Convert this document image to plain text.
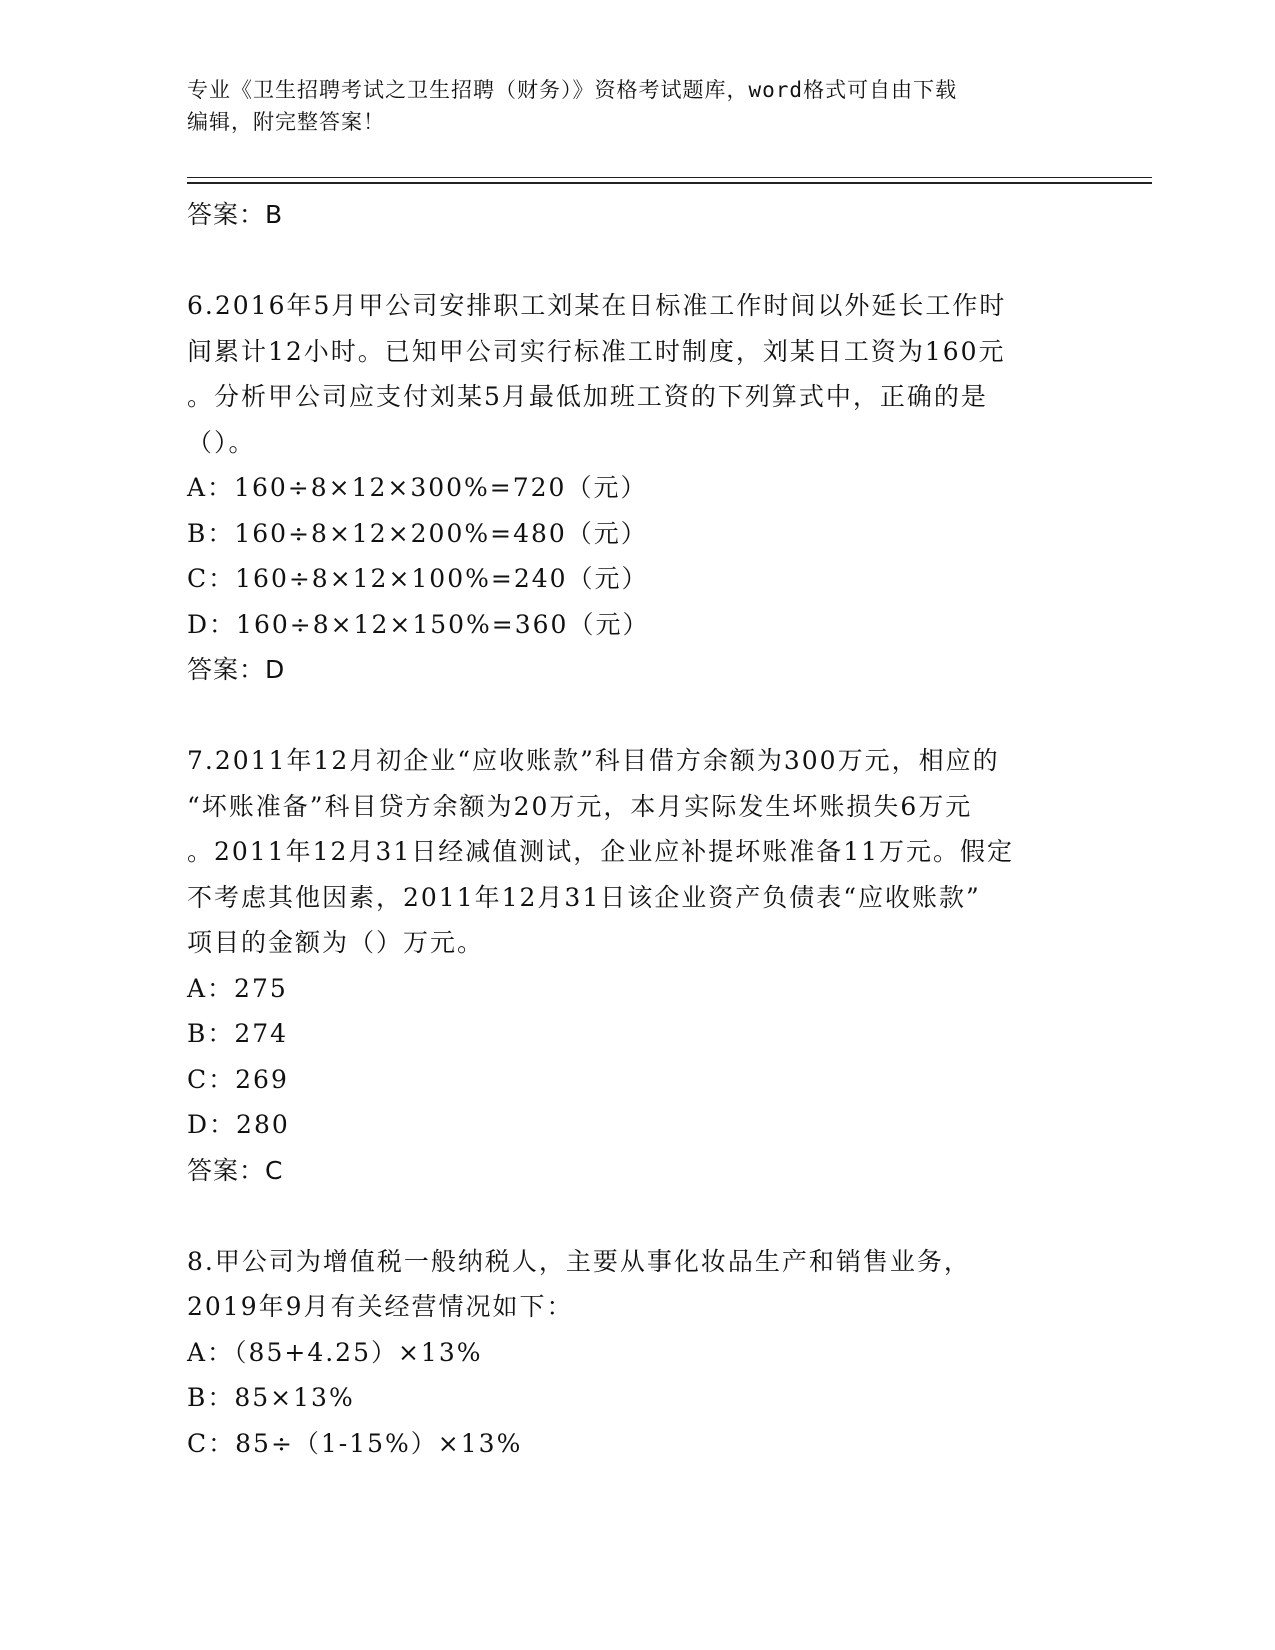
专业《卫生招聘考试之卫生招聘（财务）》资格考试题库，word格式可自由下载
编辑，附完整答案！
答案：B
6.2016年5月甲公司安排职工刘某在日标准工作时间以外延长工作时
间累计12小时。已知甲公司实行标准工时制度，刘某日工资为160元
。分析甲公司应支付刘某5月最低加班工资的下列算式中，正确的是
（）。
A：160÷8×12×300%=720（元）
B：160÷8×12×200%=480（元）
C：160÷8×12×100%=240（元）
D：160÷8×12×150%=360（元）
答案：D
7.2011年12月初企业“应收账款”科目借方余额为300万元，相应的
“坏账准备”科目贷方余额为20万元，本月实际发生坏账损失6万元
。2011年12月31日经减值测试，企业应补提坏账准备11万元。假定
不考虑其他因素，2011年12月31日该企业资产负债表“应收账款”
项目的金额为（）万元。
A：275
B：274
C：269
D：280
答案：C
8.甲公司为增值税一般纳税人，主要从事化妆品生产和销售业务，
2019年9月有关经营情况如下：
A：（85+4.25）×13%
B：85×13%
C：85÷（1-15%）×13%
